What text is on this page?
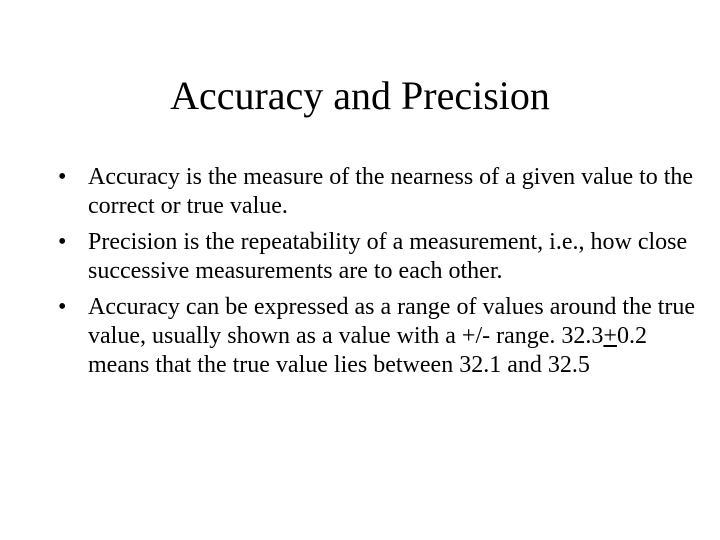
Accuracy and Precision
• Accuracy is the measure of the nearness of a given value to the correct or true value.
• Precision is the repeatability of a measurement, i.e., how close successive measurements are to each other.
• Accuracy can be expressed as a range of values around the true value, usually shown as a value with a +/- range. 32.3+0.2 means that the true value lies between 32.1 and 32.5
